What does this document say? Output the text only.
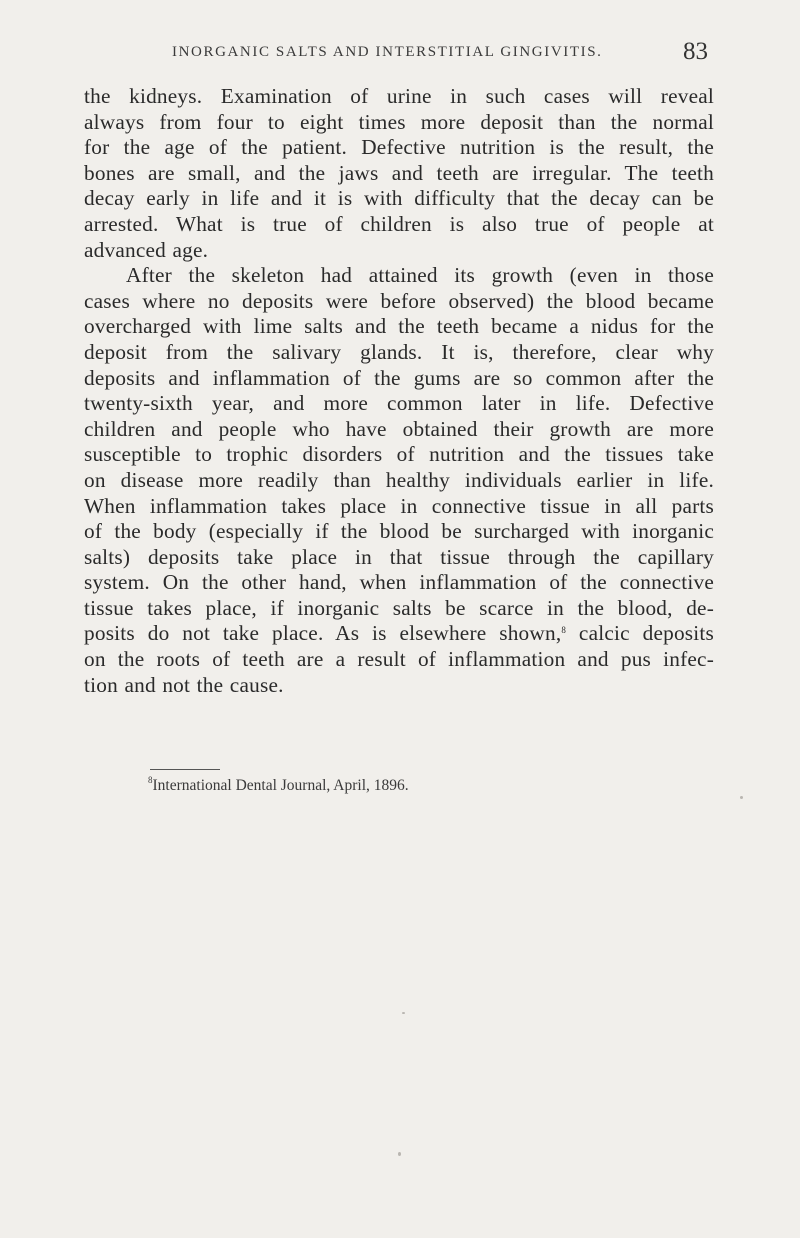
INORGANIC SALTS AND INTERSTITIAL GINGIVITIS.	83
the kidneys. Examination of urine in such cases will reveal
always from four to eight times more deposit than the normal
for the age of the patient. Defective nutrition is the result, the
bones are small, and the jaws and teeth are irregular. The teeth
decay early in life and it is with difficulty that the decay can be
arrested. What is true of children is also true of people at
advanced age.
After the skeleton had attained its growth (even in those
cases where no deposits were before observed) the blood became
overcharged with lime salts and the teeth became a nidus for the
deposit from the salivary glands. It is, therefore, clear why
deposits and inflammation of the gums are so common after the
twenty-sixth year, and more common later in life. Defective
children and people who have obtained their growth are more
susceptible to trophic disorders of nutrition and the tissues take
on disease more readily than healthy individuals earlier in life.
When inflammation takes place in connective tissue in all parts
of the body (especially if the blood be surcharged with inorganic
salts) deposits take place in that tissue through the capillary
system. On the other hand, when inflammation of the connective
tissue takes place, if inorganic salts be scarce in the blood, de-
posits do not take place. As is elsewhere shown,$^8$ calcic deposits
on the roots of teeth are a result of inflammation and pus infec-
tion and not the cause.
$^8$International Dental Journal, April, 1896.
